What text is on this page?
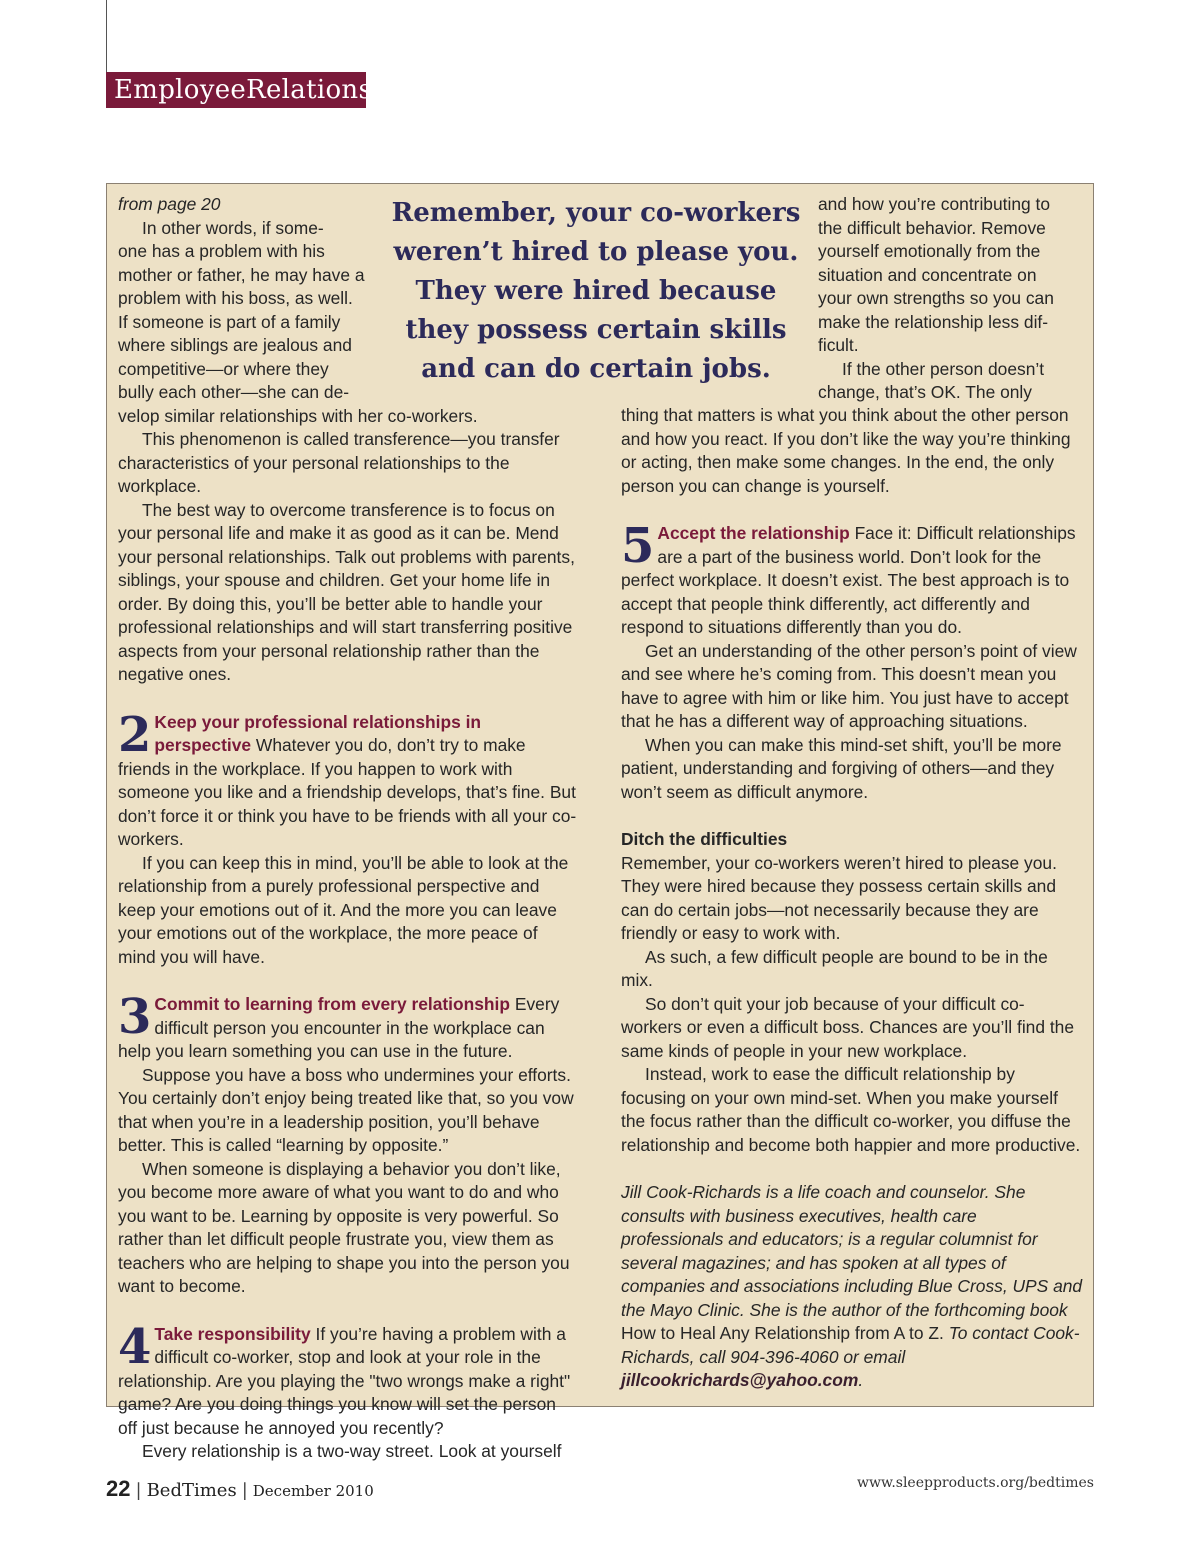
EmployeeRelations

Remember, your co-workers weren’t hired to please you. They were hired because they possess certain skills and can do certain jobs.

from page 20

In other words, if some-

one has a problem with his

mother or father, he may have a

problem with his boss, as well.

If someone is part of a family

where siblings are jealous and

competitive—or where they

bully each other—she can de-

velop similar relationships with her co-workers.

This phenomenon is called transference—you transfer characteristics of your personal relationships to the workplace.

The best way to overcome transference is to focus on your personal life and make it as good as it can be. Mend your personal relationships. Talk out problems with parents, siblings, your spouse and children. Get your home life in order. By doing this, you’ll be better able to handle your professional relationships and will start transferring positive aspects from your personal relationship rather than the negative ones.

2 Keep your professional relationships in perspective Whatever you do, don’t try to make friends in the workplace. If you happen to work with someone you like and a friendship develops, that’s fine. But don’t force it or think you have to be friends with all your co-workers.

If you can keep this in mind, you’ll be able to look at the relationship from a purely professional perspective and keep your emotions out of it. And the more you can leave your emotions out of the workplace, the more peace of mind you will have.

3 Commit to learning from every relationship Every difficult person you encounter in the workplace can help you learn something you can use in the future.

Suppose you have a boss who undermines your efforts. You certainly don’t enjoy being treated like that, so you vow that when you’re in a leadership position, you’ll behave better. This is called “learning by opposite.”

When someone is displaying a behavior you don’t like, you become more aware of what you want to do and who you want to be. Learning by opposite is very powerful. So rather than let difficult people frustrate you, view them as teachers who are helping to shape you into the person you want to become.

4 Take responsibility If you’re having a problem with a difficult co-worker, stop and look at your role in the relationship. Are you playing the "two wrongs make a right" game? Are you doing things you know will set the person off just because he annoyed you recently?

Every relationship is a two-way street. Look at yourself

and how you’re contributing to

the difficult behavior. Remove

yourself emotionally from the

situation and concentrate on

your own strengths so you can

make the relationship less dif-

ficult.

If the other person doesn’t

change, that’s OK. The only

thing that matters is what you think about the other person and how you react. If you don’t like the way you’re thinking or acting, then make some changes. In the end, the only person you can change is yourself.

5 Accept the relationship Face it: Difficult relationships are a part of the business world. Don’t look for the perfect workplace. It doesn’t exist. The best approach is to accept that people think differently, act differently and respond to situations differently than you do.

Get an understanding of the other person’s point of view and see where he’s coming from. This doesn’t mean you have to agree with him or like him. You just have to accept that he has a different way of approaching situations.

When you can make this mind-set shift, you’ll be more patient, understanding and forgiving of others—and they won’t seem as difficult anymore.

Ditch the difficulties

Remember, your co-workers weren’t hired to please you. They were hired because they possess certain skills and can do certain jobs—not necessarily because they are friendly or easy to work with.

As such, a few difficult people are bound to be in the mix.

So don’t quit your job because of your difficult co-workers or even a difficult boss. Chances are you’ll find the same kinds of people in your new workplace.

Instead, work to ease the difficult relationship by focusing on your own mind-set. When you make yourself the focus rather than the difficult co-worker, you diffuse the relationship and become both happier and more productive.

Jill Cook-Richards is a life coach and counselor. She consults with business executives, health care professionals and educators; is a regular columnist for several magazines; and has spoken at all types of companies and associations including Blue Cross, UPS and the Mayo Clinic. She is the author of the forthcoming book How to Heal Any Relationship from A to Z. To contact Cook-Richards, call 904-396-4060 or email jillcookrichards@yahoo.com.

22 | BedTimes | December 2010	www.sleepproducts.org/bedtimes
